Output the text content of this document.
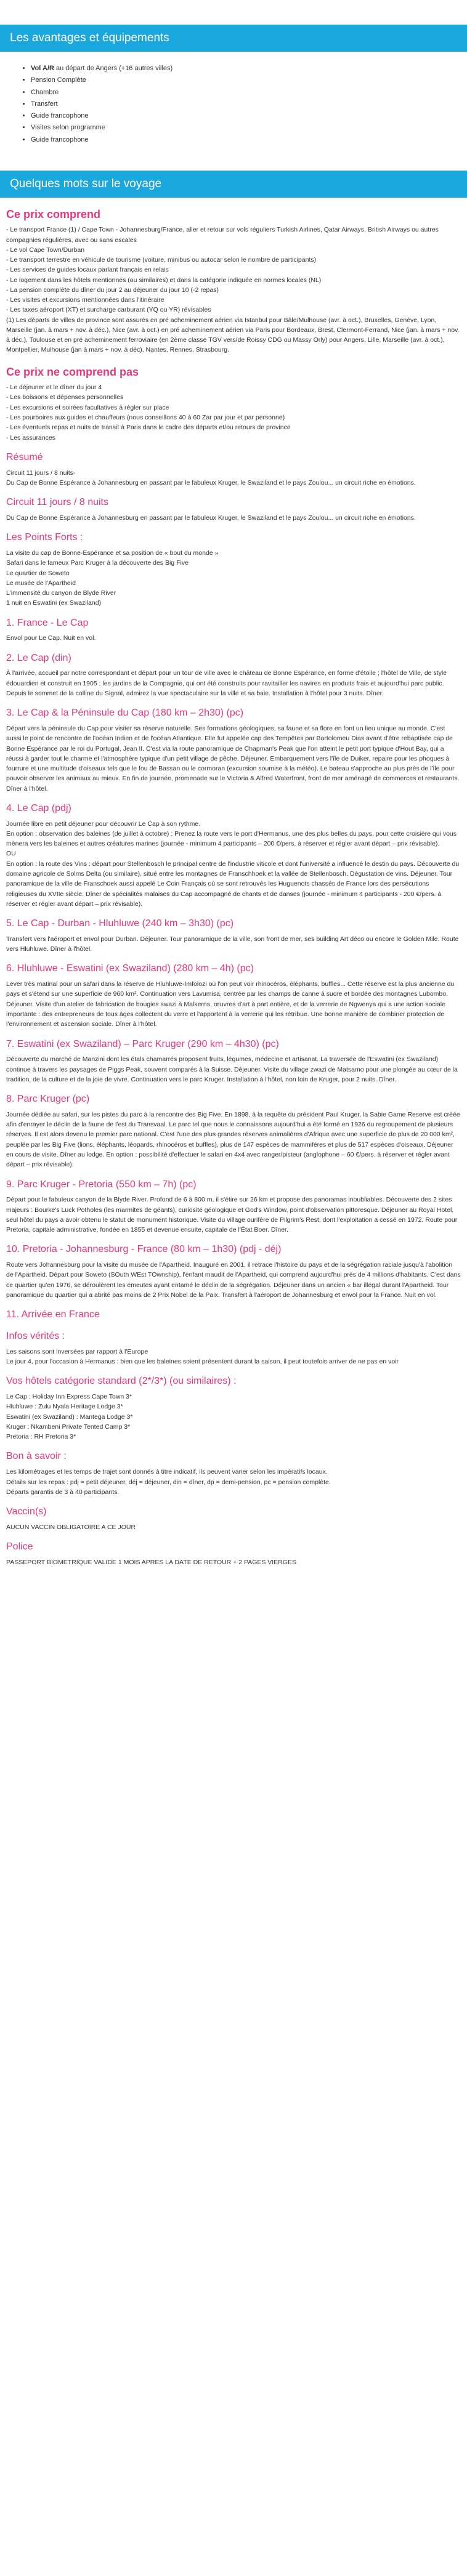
Les avantages et équipements
• Vol A/R au départ de Angers (+16 autres villes)
• Pension Complète
• Chambre
• Transfert
• Guide francophone
• Visites selon programme
• Guide francophone
Quelques mots sur le voyage
Ce prix comprend

- Le transport France (1) / Cape Town - Johannesburg/France, aller et retour sur vols réguliers Turkish Airlines, Qatar Airways, British Airways ou autres compagnies régulières, avec ou sans escales

- Le vol Cape Town/Durban

- Le transport terrestre en véhicule de tourisme (voiture, minibus ou autocar selon le nombre de participants)

- Les services de guides locaux parlant français en relais

- Le logement dans les hôtels mentionnés (ou similaires) et dans la catégorie indiquée en normes locales (NL)

- La pension complète du dîner du jour 2 au déjeuner du jour 10 (-2 repas)

- Les visites et excursions mentionnées dans l'itinéraire

- Les taxes aéroport (XT) et surcharge carburant (YQ ou YR) révisables

(1) Les départs de villes de province sont assurés en pré acheminement aérien via Istanbul pour Bâle/Mulhouse (avr. à oct.), Bruxelles, Genève, Lyon, Marseille (jan. à mars + nov. à déc.), Nice (avr. à oct.) en pré acheminement aérien via Paris pour Bordeaux, Brest, Clermont-Ferrand, Nice (jan. à mars + nov. à déc.), Toulouse et en pré acheminement ferroviaire (en 2ème classe TGV vers/de Roissy CDG ou Massy Orly) pour Angers, Lille, Marseille (avr. à oct.), Montpellier, Mulhouse (jan à mars + nov. à déc), Nantes, Rennes, Strasbourg.

Ce prix ne comprend pas

- Le déjeuner et le dîner du jour 4

- Les boissons et dépenses personnelles

- Les excursions et soirées facultatives à régler sur place

- Les pourboires aux guides et chauffeurs (nous conseillons 40 à 60 Zar par jour et par personne)

- Les éventuels repas et nuits de transit à Paris dans le cadre des départs et/ou retours de province

- Les assurances

Résumé

Circuit 11 jours / 8 nuits-

Du Cap de Bonne Espérance à Johannesburg en passant par le fabuleux Kruger, le Swaziland et le pays Zoulou... un circuit riche en émotions.

Circuit 11 jours / 8 nuits

Du Cap de Bonne Espérance à Johannesburg en passant par le fabuleux Kruger, le Swaziland et le pays Zoulou... un circuit riche en émotions.

Les Points Forts :

La visite du cap de Bonne-Espérance et sa position de « bout du monde »

Safari dans le fameux Parc Kruger à la découverte des Big Five

Le quartier de Soweto

Le musée de l'Apartheid

L'immensité du canyon de Blyde River

1 nuit en Eswatini (ex Swaziland)

1. France - Le Cap

Envol pour Le Cap. Nuit en vol.

2. Le Cap (din)

À l'arrivée, accueil par notre correspondant et départ pour un tour de ville avec le château de Bonne Espérance, en forme d'étoile ; l'hôtel de Ville, de style édouardien et construit en 1905 ; les jardins de la Compagnie, qui ont été construits pour ravitailler les navires en produits frais et aujourd'hui parc public. Depuis le sommet de la colline du Signal, admirez la vue spectaculaire sur la ville et sa baie. Installation à l'hôtel pour 3 nuits. Dîner.

3. Le Cap & la Péninsule du Cap (180 km – 2h30) (pc)

Départ vers la péninsule du Cap pour visiter sa réserve naturelle. Ses formations géologiques, sa faune et sa flore en font un lieu unique au monde. C'est aussi le point de rencontre de l'océan Indien et de l'océan Atlantique. Elle fut appelée cap des Tempêtes par Bartolomeu Dias avant d'être rebaptisée cap de Bonne Espérance par le roi du Portugal, Jean II. C'est via la route panoramique de Chapman's Peak que l'on atteint le petit port typique d'Hout Bay, qui a réussi à garder tout le charme et l'atmosphère typique d'un petit village de pêche. Déjeuner. Embarquement vers l'île de Duiker, repaire pour les phoques à fourrure et une multitude d'oiseaux tels que le fou de Bassan ou le cormoran (excursion soumise à la météo). Le bateau s'approche au plus près de l'île pour pouvoir observer les animaux au mieux. En fin de journée, promenade sur le Victoria & Alfred Waterfront, front de mer aménagé de commerces et restaurants. Dîner à l'hôtel.

4. Le Cap (pdj)

Journée libre en petit déjeuner pour découvrir Le Cap à son rythme.

En option : observation des baleines (de juillet à octobre) : Prenez la route vers le port d'Hermanus, une des plus belles du pays, pour cette croisière qui vous mènera vers les baleines et autres créatures marines (journée - minimum 4 participants – 200 €/pers. à réserver et régler avant départ – prix révisable).

OU

En option : la route des Vins : départ pour Stellenbosch le principal centre de l'industrie viticole et dont l'université a influencé le destin du pays. Découverte du domaine agricole de Solms Delta (ou similaire), situé entre les montagnes de Franschhoek et la vallée de Stellenbosch. Dégustation de vins. Déjeuner. Tour panoramique de la ville de Franschoek aussi appelé Le Coin Français où se sont retrouvés les Huguenots chassés de France lors des persécutions religieuses du XVIIe siècle. Dîner de spécialités malaises du Cap accompagné de chants et de danses (journée - minimum 4 participants - 200 €/pers. à réserver et régler avant départ – prix révisable).

5. Le Cap - Durban - Hluhluwe (240 km – 3h30) (pc)

Transfert vers l'aéroport et envol pour Durban. Déjeuner. Tour panoramique de la ville, son front de mer, ses building Art déco ou encore le Golden Mile. Route vers Hluhluwe. Dîner à l'hôtel.

6. Hluhluwe - Eswatini (ex Swaziland) (280 km – 4h) (pc)

Lever très matinal pour un safari dans la réserve de Hluhluwe-Imfolozi où l'on peut voir rhinocéros, éléphants, buffles... Cette réserve est la plus ancienne du pays et s'étend sur une superficie de 960 km². Continuation vers Lavumisa, centrée par les champs de canne à sucre et bordée des montagnes Lubombo. Déjeuner. Visite d'un atelier de fabrication de bougies swazi à Malkerns, œuvres d'art à part entière, et de la verrerie de Ngwenya qui a une action sociale importante : des entrepreneurs de tous âges collectent du verre et l'apportent à la verrerie qui les rétribue. Une bonne manière de combiner protection de l'environnement et ascension sociale. Dîner à l'hôtel.

7. Eswatini (ex Swaziland) – Parc Kruger (290 km – 4h30) (pc)

Découverte du marché de Manzini dont les étals chamarrés proposent fruits, légumes, médecine et artisanat. La traversée de l'Eswatini (ex Swaziland) continue à travers les paysages de Piggs Peak, souvent comparés à la Suisse. Déjeuner. Visite du village zwazi de Matsamo pour une plongée au cœur de la tradition, de la culture et de la joie de vivre. Continuation vers le parc Kruger. Installation à l'hôtel, non loin de Kruger, pour 2 nuits. Dîner.

8. Parc Kruger (pc)

Journée dédiée au safari, sur les pistes du parc à la rencontre des Big Five. En 1898, à la requête du président Paul Kruger, la Sabie Game Reserve est créée afin d'enrayer le déclin de la faune de l'est du Transvaal. Le parc tel que nous le connaissons aujourd'hui a été formé en 1926 du regroupement de plusieurs réserves. Il est alors devenu le premier parc national. C'est l'une des plus grandes réserves animalières d'Afrique avec une superficie de plus de 20 000 km², peuplée par les Big Five (lions, éléphants, léopards, rhinocéros et buffles), plus de 147 espèces de mammifères et plus de 517 espèces d'oiseaux. Déjeuner en cours de visite. Dîner au lodge. En option : possibilité d'effectuer le safari en 4x4 avec ranger/pisteur (anglophone – 60 €/pers. à réserver et régler avant départ – prix révisable).

9. Parc Kruger - Pretoria (550 km – 7h) (pc)

Départ pour le fabuleux canyon de la Blyde River. Profond de 6 à 800 m, il s'étire sur 26 km et propose des panoramas inoubliables. Découverte des 2 sites majeurs : Bourke's Luck Potholes (les marmites de géants), curiosité géologique et God's Window, point d'observation pittoresque. Déjeuner au Royal Hotel, seul hôtel du pays a avoir obtenu le statut de monument historique. Visite du village ourifère de Pilgrim's Rest, dont l'exploitation a cessé en 1972. Route pour Pretoria, capitale administrative, fondée en 1855 et devenue ensuite, capitale de l'État Boer. Dîner.

10. Pretoria - Johannesburg - France (80 km – 1h30) (pdj - déj)

Route vers Johannesburg pour la visite du musée de l'Apartheid. Inauguré en 2001, il retrace l'histoire du pays et de la ségrégation raciale jusqu'à l'abolition de l'Apartheid. Départ pour Soweto (SOuth WEst TOwnship), l'enfant maudit de l'Apartheid, qui comprend aujourd'hui près de 4 millions d'habitants. C'est dans ce quartier qu'en 1976, se déroulèrent les émeutes ayant entamé le déclin de la ségrégation. Déjeuner dans un ancien « bar illégal durant l'Apartheid. Tour panoramique du quartier qui a abrité pas moins de 2 Prix Nobel de la Paix. Transfert à l'aéroport de Johannesburg et envol pour la France. Nuit en vol.

11. Arrivée en France
Infos vérités :

Les saisons sont inversées par rapport à l'Europe

Le jour 4, pour l'occasion à Hermanus : bien que les baleines soient présentent durant la saison, il peut toutefois arriver de ne pas en voir

Vos hôtels catégorie standard (2*/3*) (ou similaires) :

Le Cap : Holiday Inn Express Cape Town 3*

Hluhluwe : Zulu Nyala Heritage Lodge 3*

Eswatini (ex Swaziland) : Mantega Lodge 3*

Kruger : Nkambeni Private Tented Camp 3*

Pretoria : RH Pretoria 3*

Bon à savoir :

Les kilométrages et les temps de trajet sont donnés à titre indicatif, ils peuvent varier selon les impératifs locaux.

Détails sur les repas : pdj = petit déjeuner, déj = déjeuner, din = dîner, dp = demi-pension, pc = pension complète.

Départs garantis de 3 à 40 participants.

Vaccin(s)

AUCUN VACCIN OBLIGATOIRE A CE JOUR

Police

PASSEPORT BIOMETRIQUE VALIDE 1 MOIS APRES LA DATE DE RETOUR + 2 PAGES VIERGES
